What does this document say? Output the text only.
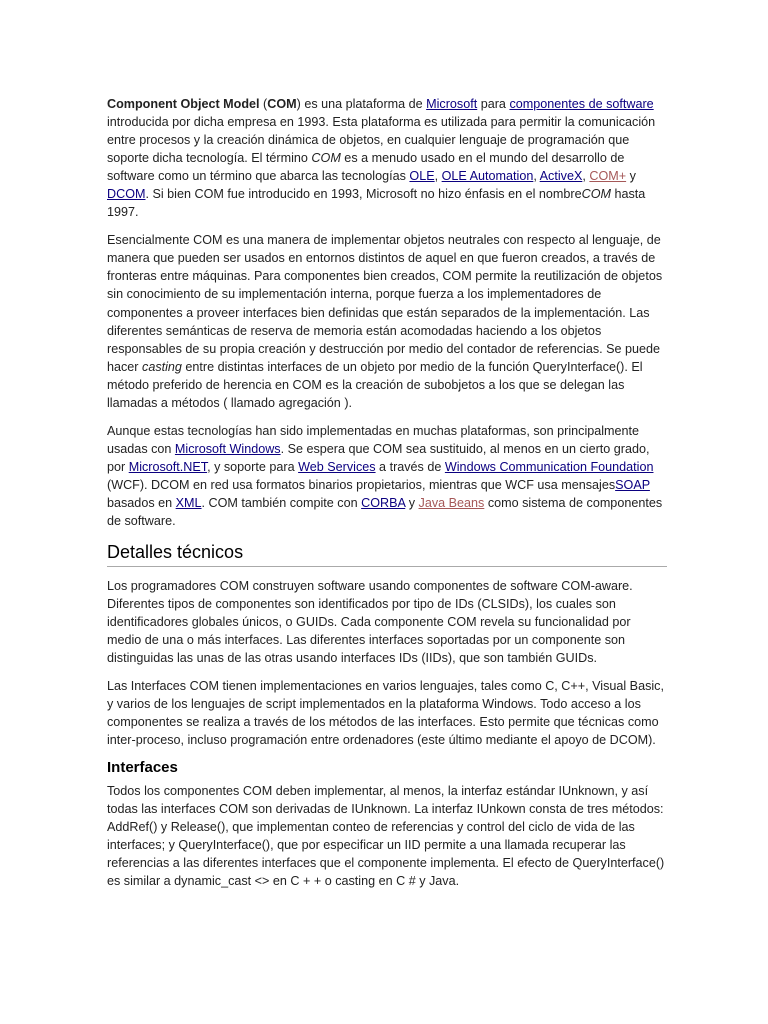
Component Object Model (COM) es una plataforma de Microsoft para componentes de software introducida por dicha empresa en 1993. Esta plataforma es utilizada para permitir la comunicación entre procesos y la creación dinámica de objetos, en cualquier lenguaje de programación que soporte dicha tecnología. El término COM es a menudo usado en el mundo del desarrollo de software como un término que abarca las tecnologías OLE, OLE Automation, ActiveX, COM+ y DCOM. Si bien COM fue introducido en 1993, Microsoft no hizo énfasis en el nombreCOM hasta 1997.

Esencialmente COM es una manera de implementar objetos neutrales con respecto al lenguaje, de manera que pueden ser usados en entornos distintos de aquel en que fueron creados, a través de fronteras entre máquinas. Para componentes bien creados, COM permite la reutilización de objetos sin conocimiento de su implementación interna, porque fuerza a los implementadores de componentes a proveer interfaces bien definidas que están separados de la implementación. Las diferentes semánticas de reserva de memoria están acomodadas haciendo a los objetos responsables de su propia creación y destrucción por medio del contador de referencias. Se puede hacer casting entre distintas interfaces de un objeto por medio de la función QueryInterface(). El método preferido de herencia en COM es la creación de subobjetos a los que se delegan las llamadas a métodos ( llamado agregación ).

Aunque estas tecnologías han sido implementadas en muchas plataformas, son principalmente usadas con Microsoft Windows. Se espera que COM sea sustituido, al menos en un cierto grado, por Microsoft.NET, y soporte para Web Services a través de Windows Communication Foundation (WCF). DCOM en red usa formatos binarios propietarios, mientras que WCF usa mensajesSOAP basados en XML. COM también compite con CORBA y Java Beans como sistema de componentes de software.

Detalles técnicos

Los programadores COM construyen software usando componentes de software COM-aware. Diferentes tipos de componentes son identificados por tipo de IDs (CLSIDs), los cuales son identificadores globales únicos, o GUIDs. Cada componente COM revela su funcionalidad por medio de una o más interfaces. Las diferentes interfaces soportadas por un componente son distinguidas las unas de las otras usando interfaces IDs (IIDs), que son también GUIDs.

Las Interfaces COM tienen implementaciones en varios lenguajes, tales como C, C++, Visual Basic, y varios de los lenguajes de script implementados en la plataforma Windows. Todo acceso a los componentes se realiza a través de los métodos de las interfaces. Esto permite que técnicas como inter-proceso, incluso programación entre ordenadores (este último mediante el apoyo de DCOM).

Interfaces

Todos los componentes COM deben implementar, al menos, la interfaz estándar IUnknown, y así todas las interfaces COM son derivadas de IUnknown. La interfaz IUnkown consta de tres métodos: AddRef() y Release(), que implementan conteo de referencias y control del ciclo de vida de las interfaces; y QueryInterface(), que por especificar un IID permite a una llamada recuperar las referencias a las diferentes interfaces que el componente implementa. El efecto de QueryInterface() es similar a dynamic_cast <> en C + + o casting en C # y Java.
